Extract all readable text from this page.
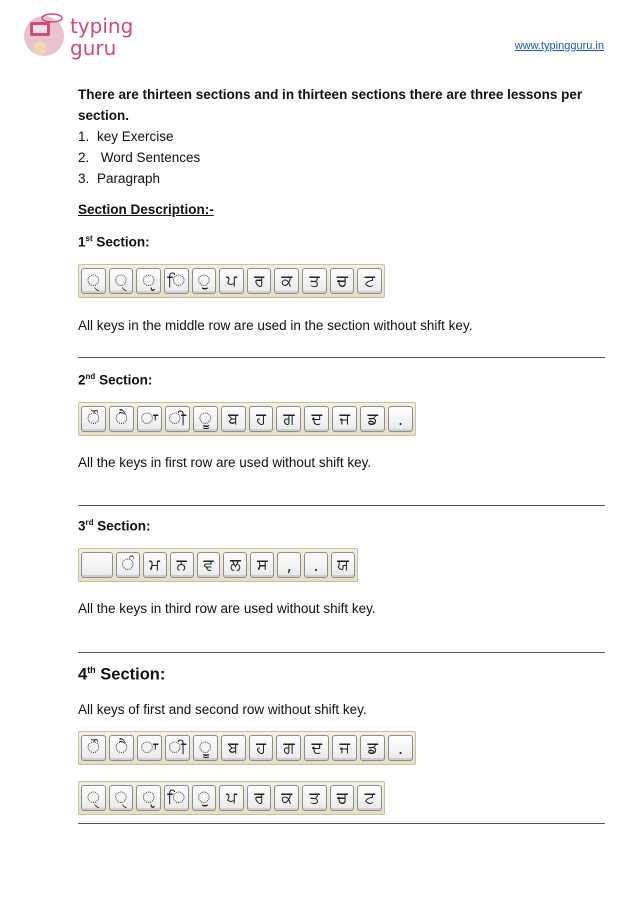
typing
guru	www.typingguru.in
There are thirteen sections and in thirteen sections there are three lessons per section.
1. key Exercise
2. Word Sentences
3. Paragraph
Section Description:-
1st Section:
ੑ ੑ ੵ ਿ ੁ	ਪ	ਰ	ਕ	ਤ	ਚ	ਟ
All keys in the middle row are used in the section without shift key.
2nd Section:
ੌ ੈ ਾ ੀ ੂ	ਬ	ਹ	ਗ	ਦ	ਜ	ਡ	.
All the keys in first row are used without shift key.
3rd Section:
ੰ ਮ	ਨ	ਵ	ਲ	ਸ	,	.	ਯ
All the keys in third row are used without shift key.
4th Section:
All keys of first and second row without shift key.
ੌ ੈ ਾ ੀ ੂ	ਬ	ਹ	ਗ	ਦ	ਜ	ਡ	.
ੑ ੑ ੵ ਿ ੁ	ਪ	ਰ	ਕ	ਤ	ਚ	ਟ
